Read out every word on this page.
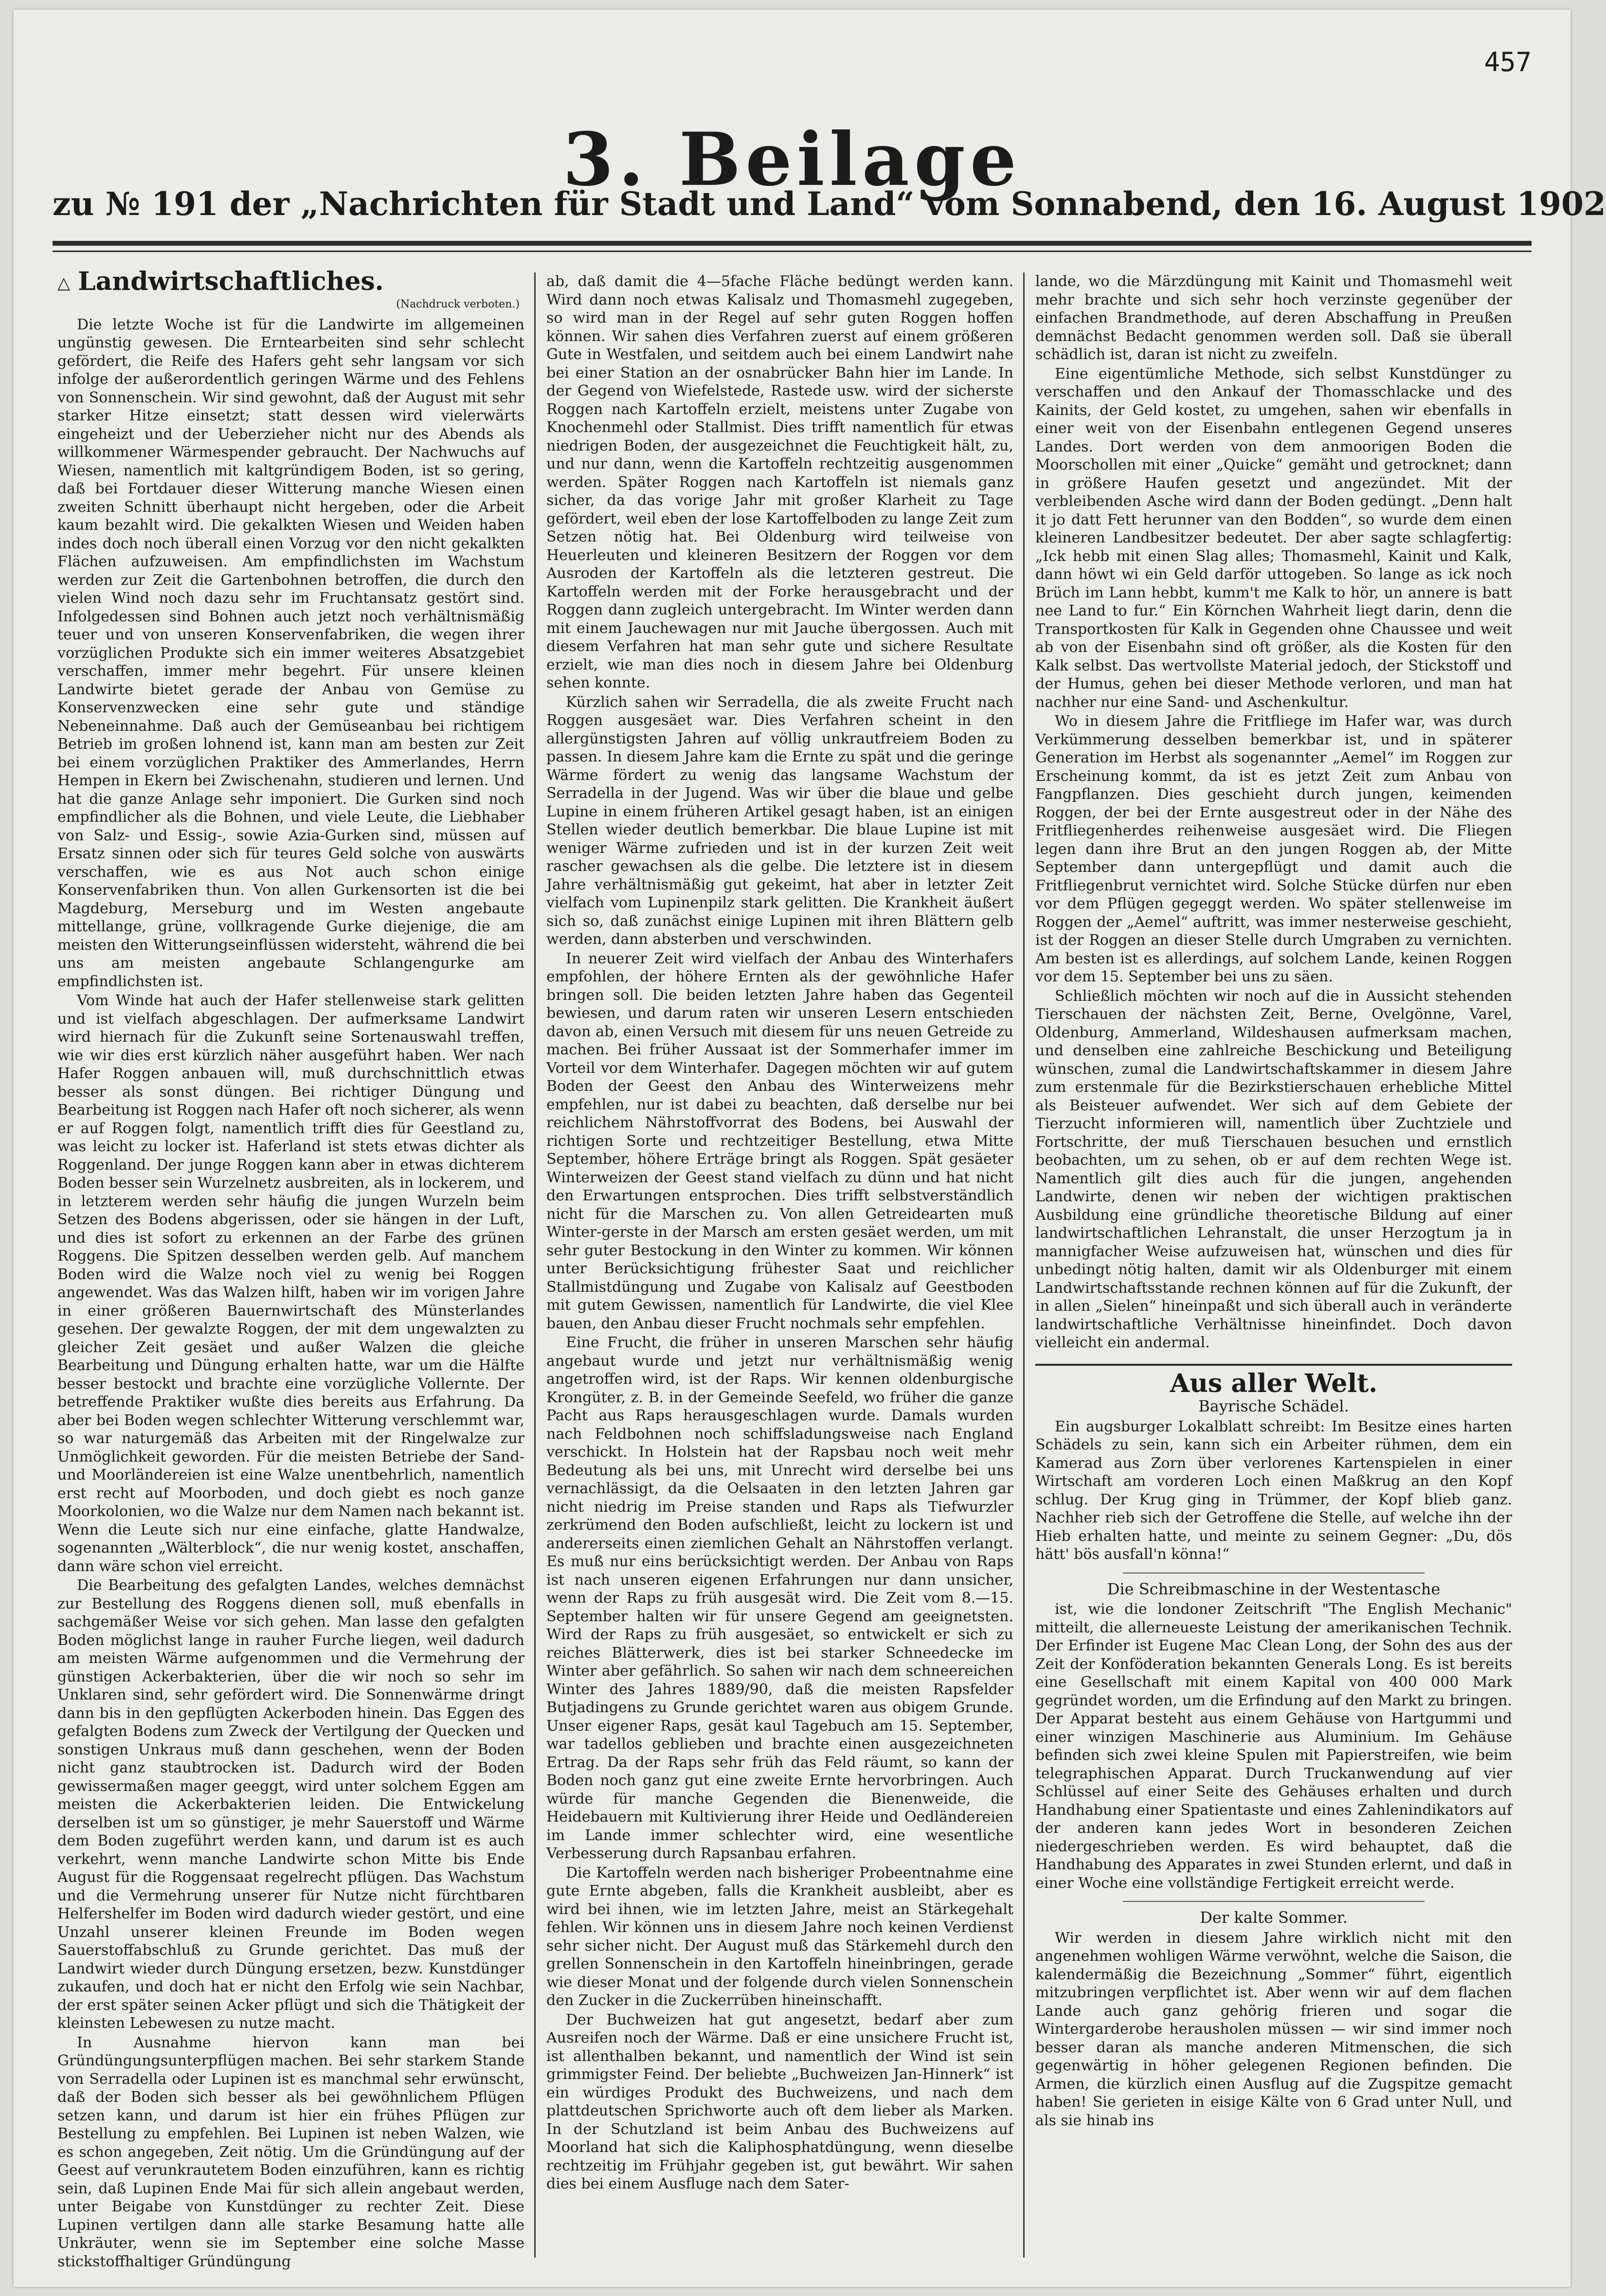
457
3. Beilage
zu № 191 der „Nachrichten für Stadt und Land“ vom Sonnabend, den 16. August 1902
△ Landwirtschaftliches.
(Nachdruck verboten.)

Die letzte Woche ist für die Landwirte im allgemeinen ungünstig gewesen. Die Erntearbeiten sind sehr schlecht gefördert, die Reife des Hafers geht sehr langsam vor sich infolge der außerordentlich geringen Wärme und des Fehlens von Sonnenschein. Wir sind gewohnt, daß der August mit sehr starker Hitze einsetzt; statt dessen wird vielerwärts eingeheizt und der Ueberzieher nicht nur des Abends als willkommener Wärmespender gebraucht. Der Nachwuchs auf Wiesen, namentlich mit kaltgründigem Boden, ist so gering, daß bei Fortdauer dieser Witterung manche Wiesen einen zweiten Schnitt überhaupt nicht hergeben, oder die Arbeit kaum bezahlt wird. Die gekalkten Wiesen und Weiden haben indes doch noch überall einen Vorzug vor den nicht gekalkten Flächen aufzuweisen. Am empfindlichsten im Wachstum werden zur Zeit die Gartenbohnen betroffen, die durch den vielen Wind noch dazu sehr im Fruchtansatz gestört sind. Infolgedessen sind Bohnen auch jetzt noch verhältnismäßig teuer und von unseren Konservenfabriken, die wegen ihrer vorzüglichen Produkte sich ein immer weiteres Absatzgebiet verschaffen, immer mehr begehrt. Für unsere kleinen Landwirte bietet gerade der Anbau von Gemüse zu Konservenzwecken eine sehr gute und ständige Nebeneinnahme. Daß auch der Gemüseanbau bei richtigem Betrieb im großen lohnend ist, kann man am besten zur Zeit bei einem vorzüglichen Praktiker des Ammerlandes, Herrn Hempen in Ekern bei Zwischenahn, studieren und lernen. Und hat die ganze Anlage sehr imponiert. Die Gurken sind noch empfindlicher als die Bohnen, und viele Leute, die Liebhaber von Salz- und Essig-, sowie Azia-Gurken sind, müssen auf Ersatz sinnen oder sich für teures Geld solche von auswärts verschaffen, wie es aus Not auch schon einige Konservenfabriken thun. Von allen Gurkensorten ist die bei Magdeburg, Merseburg und im Westen angebaute mittellange, grüne, vollkragende Gurke diejenige, die am meisten den Witterungseinflüssen widersteht, während die bei uns am meisten angebaute Schlangengurke am empfindlichsten ist.

Vom Winde hat auch der Hafer stellenweise stark gelitten und ist vielfach abgeschlagen. Der aufmerksame Landwirt wird hiernach für die Zukunft seine Sortenauswahl treffen, wie wir dies erst kürzlich näher ausgeführt haben. Wer nach Hafer Roggen anbauen will, muß durchschnittlich etwas besser als sonst düngen. Bei richtiger Düngung und Bearbeitung ist Roggen nach Hafer oft noch sicherer, als wenn er auf Roggen folgt, namentlich trifft dies für Geestland zu, was leicht zu locker ist. Haferland ist stets etwas dichter als Roggenland. Der junge Roggen kann aber in etwas dichterem Boden besser sein Wurzelnetz ausbreiten, als in lockerem, und in letzterem werden sehr häufig die jungen Wurzeln beim Setzen des Bodens abgerissen, oder sie hängen in der Luft, und dies ist sofort zu erkennen an der Farbe des grünen Roggens. Die Spitzen desselben werden gelb. Auf manchem Boden wird die Walze noch viel zu wenig bei Roggen angewendet. Was das Walzen hilft, haben wir im vorigen Jahre in einer größeren Bauernwirtschaft des Münsterlandes gesehen. Der gewalzte Roggen, der mit dem ungewalzten zu gleicher Zeit gesäet und außer Walzen die gleiche Bearbeitung und Düngung erhalten hatte, war um die Hälfte besser bestockt und brachte eine vorzügliche Vollernte. Der betreffende Praktiker wußte dies bereits aus Erfahrung. Da aber bei Boden wegen schlechter Witterung verschlemmt war, so war naturgemäß das Arbeiten mit der Ringelwalze zur Unmöglichkeit geworden. Für die meisten Betriebe der Sand- und Moorländereien ist eine Walze unentbehrlich, namentlich erst recht auf Moorboden, und doch giebt es noch ganze Moorkolonien, wo die Walze nur dem Namen nach bekannt ist. Wenn die Leute sich nur eine einfache, glatte Handwalze, sogenannten „Wälterblock“, die nur wenig kostet, anschaffen, dann wäre schon viel erreicht.

Die Bearbeitung des gefalgten Landes, welches demnächst zur Bestellung des Roggens dienen soll, muß ebenfalls in sachgemäßer Weise vor sich gehen. Man lasse den gefalgten Boden möglichst lange in rauher Furche liegen, weil dadurch am meisten Wärme aufgenommen und die Vermehrung der günstigen Ackerbakterien, über die wir noch so sehr im Unklaren sind, sehr gefördert wird. Die Sonnenwärme dringt dann bis in den gepflügten Ackerboden hinein. Das Eggen des gefalgten Bodens zum Zweck der Vertilgung der Quecken und sonstigen Unkraus muß dann geschehen, wenn der Boden nicht ganz staubtrocken ist. Dadurch wird der Boden gewissermaßen mager geeggt, wird unter solchem Eggen am meisten die Ackerbakterien leiden. Die Entwickelung derselben ist um so günstiger, je mehr Sauerstoff und Wärme dem Boden zugeführt werden kann, und darum ist es auch verkehrt, wenn manche Landwirte schon Mitte bis Ende August für die Roggensaat regelrecht pflügen. Das Wachstum und die Vermehrung unserer für Nutze nicht fürchtbaren Helfershelfer im Boden wird dadurch wieder gestört, und eine Unzahl unserer kleinen Freunde im Boden wegen Sauerstoffabschluß zu Grunde gerichtet. Das muß der Landwirt wieder durch Düngung ersetzen, bezw. Kunstdünger zukaufen, und doch hat er nicht den Erfolg wie sein Nachbar, der erst später seinen Acker pflügt und sich die Thätigkeit der kleinsten Lebewesen zu nutze macht.

In Ausnahme hiervon kann man bei Gründüngungsunterpflügen machen. Bei sehr starkem Stande von Serradella oder Lupinen ist es manchmal sehr erwünscht, daß der Boden sich besser als bei gewöhnlichem Pflügen setzen kann, und darum ist hier ein frühes Pflügen zur Bestellung zu empfehlen. Bei Lupinen ist neben Walzen, wie es schon angegeben, Zeit nötig. Um die Gründüngung auf der Geest auf verunkrautetem Boden einzuführen, kann es richtig sein, daß Lupinen Ende Mai für sich allein angebaut werden, unter Beigabe von Kunstdünger zu rechter Zeit. Diese Lupinen vertilgen dann alle starke Besamung hatte alle Unkräuter, wenn sie im September eine solche Masse stickstoffhaltiger Gründüngung

ab, daß damit die 4—5fache Fläche bedüngt werden kann. Wird dann noch etwas Kalisalz und Thomasmehl zugegeben, so wird man in der Regel auf sehr guten Roggen hoffen können. Wir sahen dies Verfahren zuerst auf einem größeren Gute in Westfalen, und seitdem auch bei einem Landwirt nahe bei einer Station an der osnabrücker Bahn hier im Lande. In der Gegend von Wiefelstede, Rastede usw. wird der sicherste Roggen nach Kartoffeln erzielt, meistens unter Zugabe von Knochenmehl oder Stallmist. Dies trifft namentlich für etwas niedrigen Boden, der ausgezeichnet die Feuchtigkeit hält, zu, und nur dann, wenn die Kartoffeln rechtzeitig ausgenommen werden. Später Roggen nach Kartoffeln ist niemals ganz sicher, da das vorige Jahr mit großer Klarheit zu Tage gefördert, weil eben der lose Kartoffelboden zu lange Zeit zum Setzen nötig hat. Bei Oldenburg wird teilweise von Heuerleuten und kleineren Besitzern der Roggen vor dem Ausroden der Kartoffeln als die letzteren gestreut. Die Kartoffeln werden mit der Forke herausgebracht und der Roggen dann zugleich untergebracht. Im Winter werden dann mit einem Jauchewagen nur mit Jauche übergossen. Auch mit diesem Verfahren hat man sehr gute und sichere Resultate erzielt, wie man dies noch in diesem Jahre bei Oldenburg sehen konnte.

Kürzlich sahen wir Serradella, die als zweite Frucht nach Roggen ausgesäet war. Dies Verfahren scheint in den allergünstigsten Jahren auf völlig unkrautfreiem Boden zu passen. In diesem Jahre kam die Ernte zu spät und die geringe Wärme fördert zu wenig das langsame Wachstum der Serradella in der Jugend. Was wir über die blaue und gelbe Lupine in einem früheren Artikel gesagt haben, ist an einigen Stellen wieder deutlich bemerkbar. Die blaue Lupine ist mit weniger Wärme zufrieden und ist in der kurzen Zeit weit rascher gewachsen als die gelbe. Die letztere ist in diesem Jahre verhältnismäßig gut gekeimt, hat aber in letzter Zeit vielfach vom Lupinenpilz stark gelitten. Die Krankheit äußert sich so, daß zunächst einige Lupinen mit ihren Blättern gelb werden, dann absterben und verschwinden.

In neuerer Zeit wird vielfach der Anbau des Winterhafers empfohlen, der höhere Ernten als der gewöhnliche Hafer bringen soll. Die beiden letzten Jahre haben das Gegenteil bewiesen, und darum raten wir unseren Lesern entschieden davon ab, einen Versuch mit diesem für uns neuen Getreide zu machen. Bei früher Aussaat ist der Sommerhafer immer im Vorteil vor dem Winterhafer. Dagegen möchten wir auf gutem Boden der Geest den Anbau des Winterweizens mehr empfehlen, nur ist dabei zu beachten, daß derselbe nur bei reichlichem Nährstoffvorrat des Bodens, bei Auswahl der richtigen Sorte und rechtzeitiger Bestellung, etwa Mitte September, höhere Erträge bringt als Roggen. Spät gesäeter Winterweizen der Geest stand vielfach zu dünn und hat nicht den Erwartungen entsprochen. Dies trifft selbstverständlich nicht für die Marschen zu. Von allen Getreidearten muß Winter-gerste in der Marsch am ersten gesäet werden, um mit sehr guter Bestockung in den Winter zu kommen. Wir können unter Berücksichtigung frühester Saat und reichlicher Stallmistdüngung und Zugabe von Kalisalz auf Geestboden mit gutem Gewissen, namentlich für Landwirte, die viel Klee bauen, den Anbau dieser Frucht nochmals sehr empfehlen.

Eine Frucht, die früher in unseren Marschen sehr häufig angebaut wurde und jetzt nur verhältnismäßig wenig angetroffen wird, ist der Raps. Wir kennen oldenburgische Krongüter, z. B. in der Gemeinde Seefeld, wo früher die ganze Pacht aus Raps herausgeschlagen wurde. Damals wurden nach Feldbohnen noch schiffsladungsweise nach England verschickt. In Holstein hat der Rapsbau noch weit mehr Bedeutung als bei uns, mit Unrecht wird derselbe bei uns vernachlässigt, da die Oelsaaten in den letzten Jahren gar nicht niedrig im Preise standen und Raps als Tiefwurzler zerkrümend den Boden aufschließt, leicht zu lockern ist und andererseits einen ziemlichen Gehalt an Nährstoffen verlangt. Es muß nur eins berücksichtigt werden. Der Anbau von Raps ist nach unseren eigenen Erfahrungen nur dann unsicher, wenn der Raps zu früh ausgesät wird. Die Zeit vom 8.—15. September halten wir für unsere Gegend am geeignetsten. Wird der Raps zu früh ausgesäet, so entwickelt er sich zu reiches Blätterwerk, dies ist bei starker Schneedecke im Winter aber gefährlich. So sahen wir nach dem schneereichen Winter des Jahres 1889/90, daß die meisten Rapsfelder Butjadingens zu Grunde gerichtet waren aus obigem Grunde. Unser eigener Raps, gesät kaul Tagebuch am 15. September, war tadellos geblieben und brachte einen ausgezeichneten Ertrag. Da der Raps sehr früh das Feld räumt, so kann der Boden noch ganz gut eine zweite Ernte hervorbringen. Auch würde für manche Gegenden die Bienenweide, die Heidebauern mit Kultivierung ihrer Heide und Oedländereien im Lande immer schlechter wird, eine wesentliche Verbesserung durch Rapsanbau erfahren.

Die Kartoffeln werden nach bisheriger Probeentnahme eine gute Ernte abgeben, falls die Krankheit ausbleibt, aber es wird bei ihnen, wie im letzten Jahre, meist an Stärkegehalt fehlen. Wir können uns in diesem Jahre noch keinen Verdienst sehr sicher nicht. Der August muß das Stärkemehl durch den grellen Sonnenschein in den Kartoffeln hineinbringen, gerade wie dieser Monat und der folgende durch vielen Sonnenschein den Zucker in die Zuckerrüben hineinschafft.

Der Buchweizen hat gut angesetzt, bedarf aber zum Ausreifen noch der Wärme. Daß er eine unsichere Frucht ist, ist allenthalben bekannt, und namentlich der Wind ist sein grimmigster Feind. Der beliebte „Buchweizen Jan-Hinnerk“ ist ein würdiges Produkt des Buchweizens, und nach dem plattdeutschen Sprichworte auch oft dem lieber als Marken. In der Schutzland ist beim Anbau des Buchweizens auf Moorland hat sich die Kaliphosphatdüngung, wenn dieselbe rechtzeitig im Frühjahr gegeben ist, gut bewährt. Wir sahen dies bei einem Ausfluge nach dem Sater-

lande, wo die Märzdüngung mit Kainit und Thomasmehl weit mehr brachte und sich sehr hoch verzinste gegenüber der einfachen Brandmethode, auf deren Abschaffung in Preußen demnächst Bedacht genommen werden soll. Daß sie überall schädlich ist, daran ist nicht zu zweifeln.

Eine eigentümliche Methode, sich selbst Kunstdünger zu verschaffen und den Ankauf der Thomasschlacke und des Kainits, der Geld kostet, zu umgehen, sahen wir ebenfalls in einer weit von der Eisenbahn entlegenen Gegend unseres Landes. Dort werden von dem anmoorigen Boden die Moorschollen mit einer „Quicke“ gemäht und getrocknet; dann in größere Haufen gesetzt und angezündet. Mit der verbleibenden Asche wird dann der Boden gedüngt. „Denn halt it jo datt Fett herunner van den Bodden“, so wurde dem einen kleineren Landbesitzer bedeutet. Der aber sagte schlagfertig: „Ick hebb mit einen Slag alles; Thomasmehl, Kainit und Kalk, dann höwt wi ein Geld darför uttogeben. So lange as ick noch Brüch im Lann hebbt, kumm't me Kalk to hör, un annere is batt nee Land to fur.“ Ein Körnchen Wahrheit liegt darin, denn die Transportkosten für Kalk in Gegenden ohne Chaussee und weit ab von der Eisenbahn sind oft größer, als die Kosten für den Kalk selbst. Das wertvollste Material jedoch, der Stickstoff und der Humus, gehen bei dieser Methode verloren, und man hat nachher nur eine Sand- und Aschenkultur.

Wo in diesem Jahre die Fritfliege im Hafer war, was durch Verkümmerung desselben bemerkbar ist, und in späterer Generation im Herbst als sogenannter „Aemel“ im Roggen zur Erscheinung kommt, da ist es jetzt Zeit zum Anbau von Fangpflanzen. Dies geschieht durch jungen, keimenden Roggen, der bei der Ernte ausgestreut oder in der Nähe des Fritfliegenherdes reihenweise ausgesäet wird. Die Fliegen legen dann ihre Brut an den jungen Roggen ab, der Mitte September dann untergepflügt und damit auch die Fritfliegenbrut vernichtet wird. Solche Stücke dürfen nur eben vor dem Pflügen gegeggt werden. Wo später stellenweise im Roggen der „Aemel“ auftritt, was immer nesterweise geschieht, ist der Roggen an dieser Stelle durch Umgraben zu vernichten. Am besten ist es allerdings, auf solchem Lande, keinen Roggen vor dem 15. September bei uns zu säen.

Schließlich möchten wir noch auf die in Aussicht stehenden Tierschauen der nächsten Zeit, Berne, Ovelgönne, Varel, Oldenburg, Ammerland, Wildeshausen aufmerksam machen, und denselben eine zahlreiche Beschickung und Beteiligung wünschen, zumal die Landwirtschaftskammer in diesem Jahre zum erstenmale für die Bezirkstierschauen erhebliche Mittel als Beisteuer aufwendet. Wer sich auf dem Gebiete der Tierzucht informieren will, namentlich über Zuchtziele und Fortschritte, der muß Tierschauen besuchen und ernstlich beobachten, um zu sehen, ob er auf dem rechten Wege ist. Namentlich gilt dies auch für die jungen, angehenden Landwirte, denen wir neben der wichtigen praktischen Ausbildung eine gründliche theoretische Bildung auf einer landwirtschaftlichen Lehranstalt, die unser Herzogtum ja in mannigfacher Weise aufzuweisen hat, wünschen und dies für unbedingt nötig halten, damit wir als Oldenburger mit einem Landwirtschaftsstande rechnen können auf für die Zukunft, der in allen „Sielen“ hineinpaßt und sich überall auch in veränderte landwirtschaftliche Verhältnisse hineinfindet. Doch davon vielleicht ein andermal.

Aus aller Welt.

Bayrische Schädel.

Ein augsburger Lokalblatt schreibt: Im Besitze eines harten Schädels zu sein, kann sich ein Arbeiter rühmen, dem ein Kamerad aus Zorn über verlorenes Kartenspielen in einer Wirtschaft am vorderen Loch einen Maßkrug an den Kopf schlug. Der Krug ging in Trümmer, der Kopf blieb ganz. Nachher rieb sich der Getroffene die Stelle, auf welche ihn der Hieb erhalten hatte, und meinte zu seinem Gegner: „Du, dös hätt' bös ausfall'n könna!“

Die Schreibmaschine in der Westentasche

ist, wie die londoner Zeitschrift "The English Mechanic" mitteilt, die allerneueste Leistung der amerikanischen Technik. Der Erfinder ist Eugene Mac Clean Long, der Sohn des aus der Zeit der Konföderation bekannten Generals Long. Es ist bereits eine Gesellschaft mit einem Kapital von 400 000 Mark gegründet worden, um die Erfindung auf den Markt zu bringen. Der Apparat besteht aus einem Gehäuse von Hartgummi und einer winzigen Maschinerie aus Aluminium. Im Gehäuse befinden sich zwei kleine Spulen mit Papierstreifen, wie beim telegraphischen Apparat. Durch Truckanwendung auf vier Schlüssel auf einer Seite des Gehäuses erhalten und durch Handhabung einer Spatientaste und eines Zahlenindikators auf der anderen kann jedes Wort in besonderen Zeichen niedergeschrieben werden. Es wird behauptet, daß die Handhabung des Apparates in zwei Stunden erlernt, und daß in einer Woche eine vollständige Fertigkeit erreicht werde.

Der kalte Sommer.

Wir werden in diesem Jahre wirklich nicht mit den angenehmen wohligen Wärme verwöhnt, welche die Saison, die kalendermäßig die Bezeichnung „Sommer“ führt, eigentlich mitzubringen verpflichtet ist. Aber wenn wir auf dem flachen Lande auch ganz gehörig frieren und sogar die Wintergarderobe herausholen müssen — wir sind immer noch besser daran als manche anderen Mitmenschen, die sich gegenwärtig in höher gelegenen Regionen befinden. Die Armen, die kürzlich einen Ausflug auf die Zugspitze gemacht haben! Sie gerieten in eisige Kälte von 6 Grad unter Null, und als sie hinab ins
